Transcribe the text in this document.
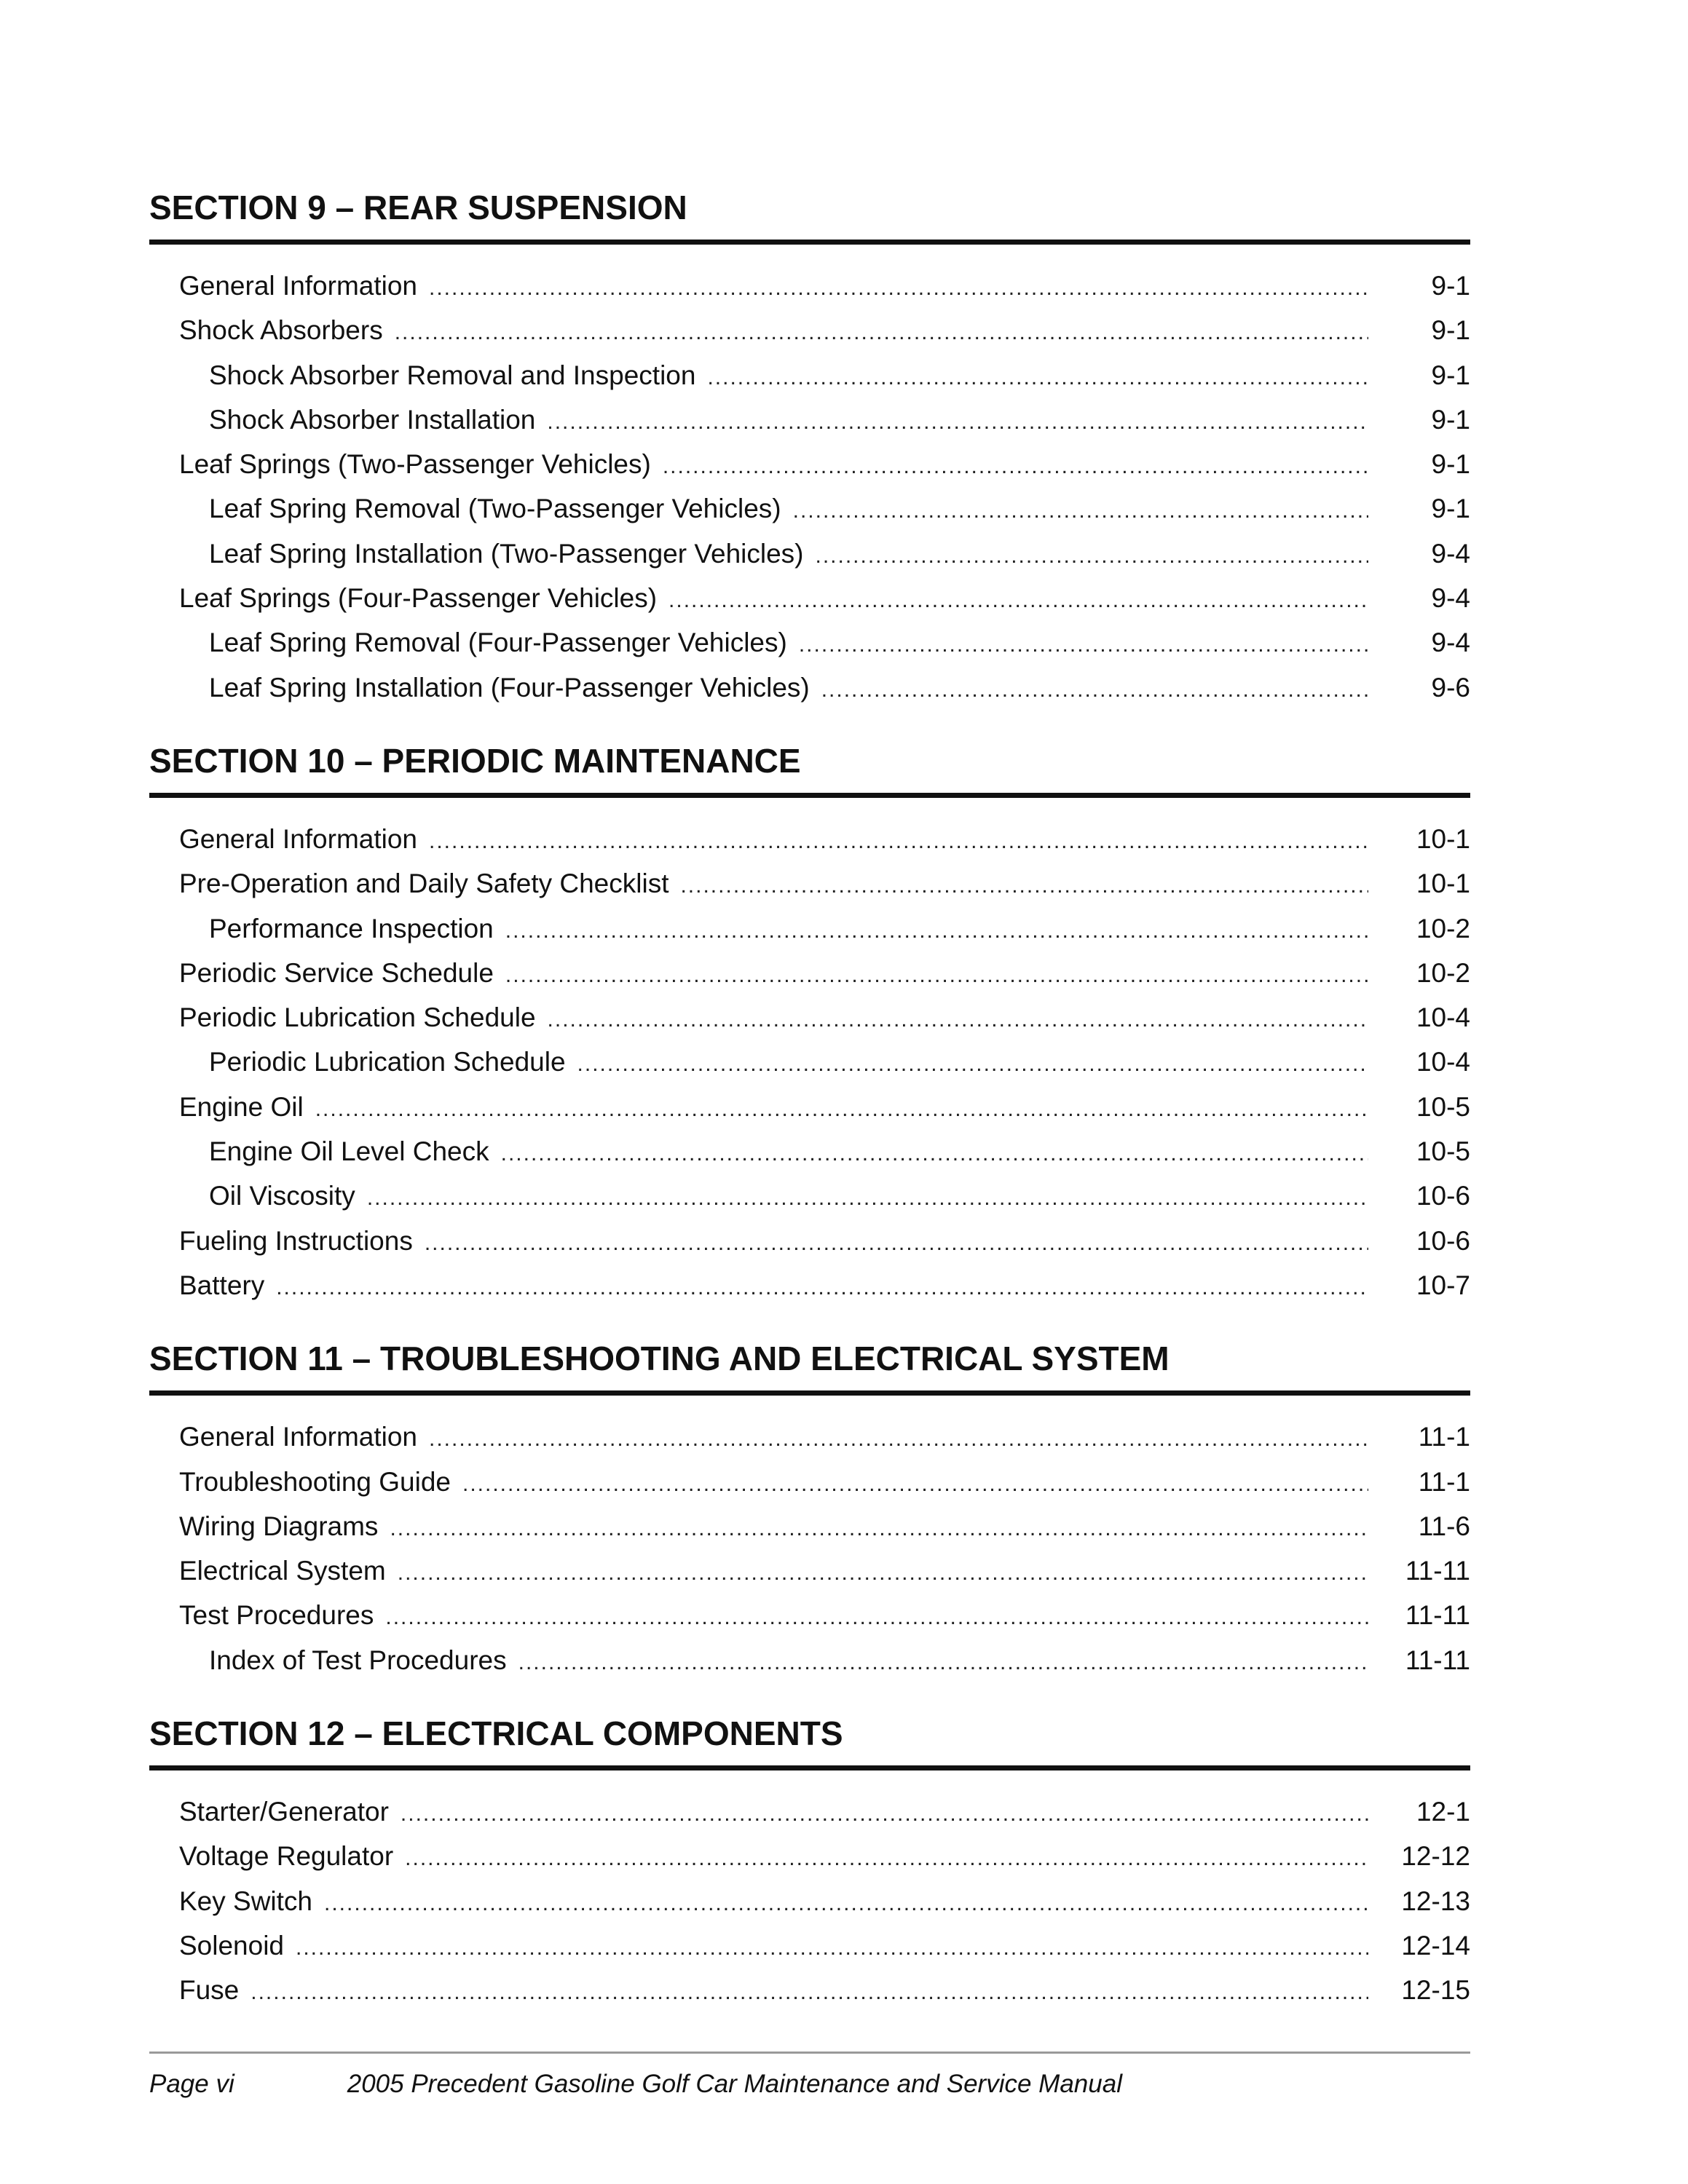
SECTION 9 – REAR SUSPENSION
General Information .....	9-1
Shock Absorbers .....	9-1
Shock Absorber Removal and Inspection .....	9-1
Shock Absorber Installation .....	9-1
Leaf Springs (Two-Passenger Vehicles) .....	9-1
Leaf Spring Removal (Two-Passenger Vehicles) .....	9-1
Leaf Spring Installation (Two-Passenger Vehicles) .....	9-4
Leaf Springs (Four-Passenger Vehicles) .....	9-4
Leaf Spring Removal (Four-Passenger Vehicles) .....	9-4
Leaf Spring Installation (Four-Passenger Vehicles) .....	9-6
SECTION 10 – PERIODIC MAINTENANCE
General Information .....	10-1
Pre-Operation and Daily Safety Checklist .....	10-1
Performance Inspection .....	10-2
Periodic Service Schedule .....	10-2
Periodic Lubrication Schedule .....	10-4
Periodic Lubrication Schedule .....	10-4
Engine Oil .....	10-5
Engine Oil Level Check .....	10-5
Oil Viscosity .....	10-6
Fueling Instructions .....	10-6
Battery .....	10-7
SECTION 11 – TROUBLESHOOTING AND ELECTRICAL SYSTEM
General Information .....	11-1
Troubleshooting Guide .....	11-1
Wiring Diagrams .....	11-6
Electrical System .....	11-11
Test Procedures .....	11-11
Index of Test Procedures .....	11-11
SECTION 12 – ELECTRICAL COMPONENTS
Starter/Generator .....	12-1
Voltage Regulator .....	12-12
Key Switch .....	12-13
Solenoid .....	12-14
Fuse .....	12-15
Page vi	2005 Precedent Gasoline Golf Car Maintenance and Service Manual
